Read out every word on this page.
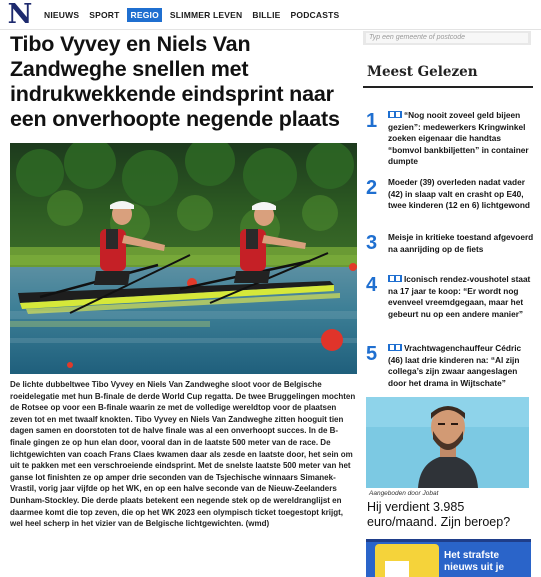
N NIEUWS SPORT	REGIO	SLIMMER LEVEN BILLIE PODCASTS
Tibo Vyvey en Niels Van Zandweghe snellen met indrukwekkende eindsprint naar een onverhoopte negende plaats

De lichte dubbeltwee Tibo Vyvey en Niels Van Zandweghe sloot voor de Belgische roeidelegatie met hun B-finale de derde World Cup regatta. De twee Bruggelingen mochten de Rotsee op voor een B-finale waarin ze met de volledige wereldtop voor de plaatsen zeven tot en met twaalf knokten. Tibo Vyvey en Niels Van Zandweghe zitten hooguit tien dagen samen en doorstoten tot de halve finale was al een onverhoopt succes. In de B-finale gingen ze op hun elan door, vooral dan in de laatste 500 meter van de race. De lichtgewichten van coach Frans Claes kwamen daar als zesde en laatste door, het sein om uit te pakken met een verschroeiende eindsprint. Met de snelste laatste 500 meter van het ganse lot finishten ze op amper drie seconden van de Tsjechische winnaars Simanek-Vrastil, vorig jaar vijfde op het WK, en op een halve seconde van de Nieuw-Zeelanders Dunham-Stockley. Die derde plaats betekent een negende stek op de wereldranglijst en daarmee komt die top zeven, die op het WK 2023 een olympisch ticket toegestopt krijgt, wel heel scherp in het vizier van de Belgische lichtgewichten. (wmd)

Typ een gemeente of postcode
Meest Gelezen
1	“Nog nooit zoveel geld bijeen gezien”: medewerkers Kringwinkel zoeken eigenaar die handtas “bomvol bankbiljetten” in container dumpte
2	Moeder (39) overleden nadat vader (42) in slaap valt en crasht op E40, twee kinderen (12 en 6) lichtgewond
3	Meisje in kritieke toestand afgevoerd na aanrijding op de fiets
4	Iconisch rendez-voushotel staat na 17 jaar te koop: “Er wordt nog evenveel vreemdgegaan, maar het gebeurt nu op een andere manier”
5	Vrachtwagenchauffeur Cédric (46) laat drie kinderen na: “Al zijn collega’s zijn zwaar aangeslagen door het drama in Wijtschate”
Aangeboden door Jobat
Hij verdient 3.985 euro/maand. Zijn beroep?
Het strafste nieuws uit je
